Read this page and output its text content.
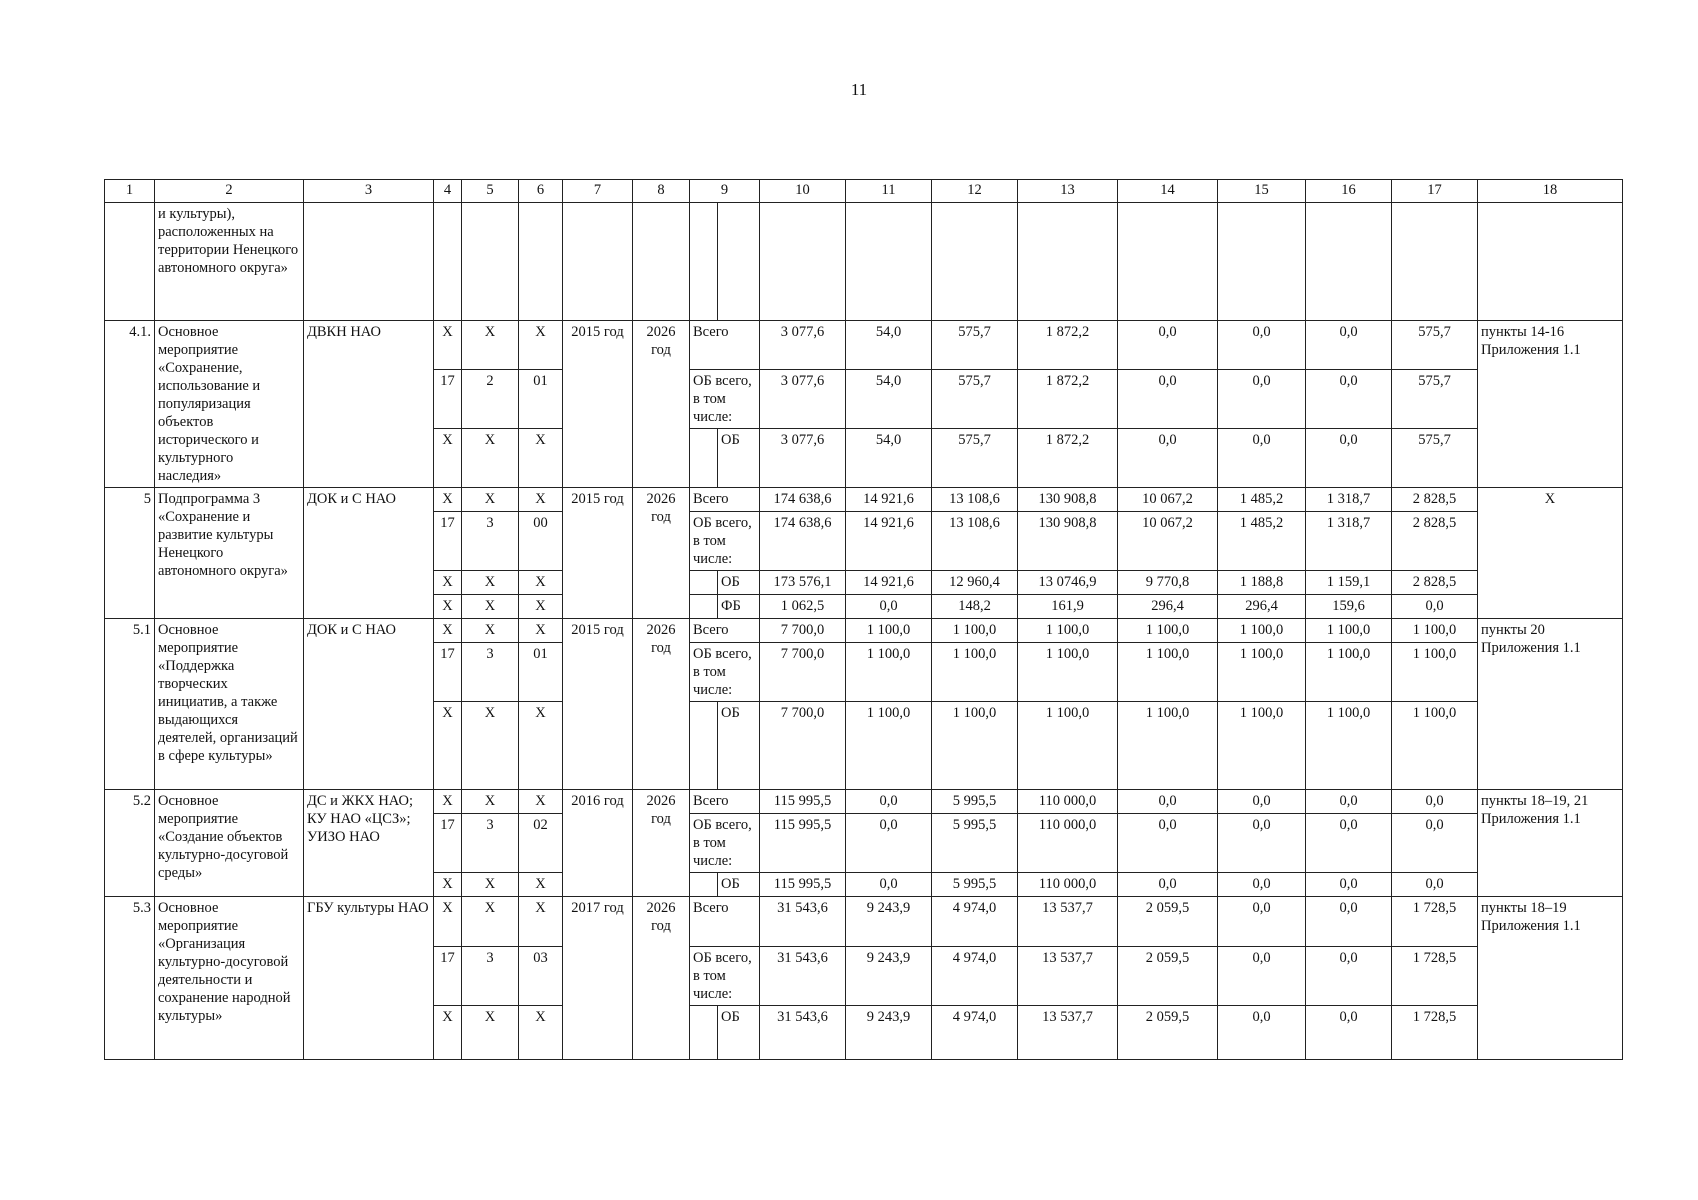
11
1	2	3	4	5	6	7	8	9		10	11	12	13	14	15	16	17	18
	и культуры), расположенных на территории Ненецкого автономного округа»																	
4.1.	Основное мероприятие «Сохранение, использование и популяризация объектов исторического и культурного наследия»	ДВКН НАО	X	X	X	2015 год	2026 год	Всего		3 077,6	54,0	575,7	1 872,2	0,0	0,0	0,0	575,7	пункты 14-16 Приложения 1.1
			17	2	01			ОБ всего, в том числе:		3 077,6	54,0	575,7	1 872,2	0,0	0,0	0,0	575,7	
			X	X	X				ОБ	3 077,6	54,0	575,7	1 872,2	0,0	0,0	0,0	575,7	
5	Подпрограмма 3 «Сохранение и развитие культуры Ненецкого автономного округа»	ДОК и С НАО	X	X	X	2015 год	2026 год	Всего		174 638,6	14 921,6	13 108,6	130 908,8	10 067,2	1 485,2	1 318,7	2 828,5	X
			17	3	00			ОБ всего, в том числе:		174 638,6	14 921,6	13 108,6	130 908,8	10 067,2	1 485,2	1 318,7	2 828,5	
			X	X	X				ОБ	173 576,1	14 921,6	12 960,4	13 0746,9	9 770,8	1 188,8	1 159,1	2 828,5	
			X	X	X				ФБ	1 062,5	0,0	148,2	161,9	296,4	296,4	159,6	0,0	
5.1	Основное мероприятие «Поддержка творческих инициатив, а также выдающихся деятелей, организаций в сфере культуры»	ДОК и С НАО	X	X	X	2015 год	2026 год	Всего		7 700,0	1 100,0	1 100,0	1 100,0	1 100,0	1 100,0	1 100,0	1 100,0	пункты 20 Приложения 1.1
			17	3	01			ОБ всего, в том числе:		7 700,0	1 100,0	1 100,0	1 100,0	1 100,0	1 100,0	1 100,0	1 100,0	
			X	X	X				ОБ	7 700,0	1 100,0	1 100,0	1 100,0	1 100,0	1 100,0	1 100,0	1 100,0	
5.2	Основное мероприятие «Создание объектов культурно-досуговой среды»	ДС и ЖКХ НАО; КУ НАО «ЦСЗ»; УИЗО НАО	X	X	X	2016 год	2026 год	Всего		115 995,5	0,0	5 995,5	110 000,0	0,0	0,0	0,0	0,0	пункты 18–19, 21 Приложения 1.1
			17	3	02			ОБ всего, в том числе:		115 995,5	0,0	5 995,5	110 000,0	0,0	0,0	0,0	0,0	
			X	X	X				ОБ	115 995,5	0,0	5 995,5	110 000,0	0,0	0,0	0,0	0,0	
5.3	Основное мероприятие «Организация культурно-досуговой деятельности и сохранение народной культуры»	ГБУ культуры НАО	X	X	X	2017 год	2026 год	Всего		31 543,6	9 243,9	4 974,0	13 537,7	2 059,5	0,0	0,0	1 728,5	пункты 18–19 Приложения 1.1
			17	3	03			ОБ всего, в том числе:		31 543,6	9 243,9	4 974,0	13 537,7	2 059,5	0,0	0,0	1 728,5	
			X	X	X				ОБ	31 543,6	9 243,9	4 974,0	13 537,7	2 059,5	0,0	0,0	1 728,5	
